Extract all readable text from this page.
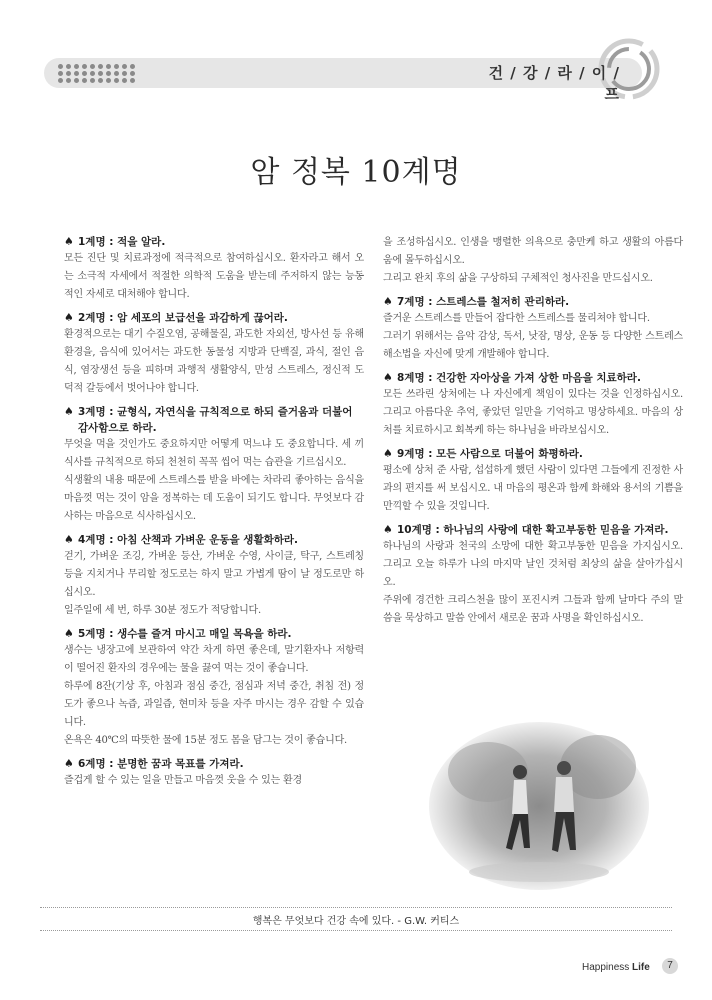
건 / 강 / 라 / 이 / 프
암 정복 10계명
♠ 1계명 : 적을 알라.
모든 진단 및 치료과정에 적극적으로 참여하십시오. 환자라고 해서 오는 소극적 자세에서 적절한 의학적 도움을 받는데 주저하지 않는 능동적인 자세로 대처해야 합니다.
♠ 2계명 : 암 세포의 보급선을 과감하게 끊어라.
환경적으로는 대기 수질오염, 공해물질, 과도한 자외선, 방사선 등 유해 환경을, 음식에 있어서는 과도한 동물성 지방과 단백질, 과식, 절인 음식, 염장생선 등을 피하며 과행적 생활양식, 만성 스트레스, 정신적 도덕적 갈등에서 벗어나야 합니다.
♠ 3계명 : 균형식, 자연식을 규칙적으로 하되 즐거움과 더불어 감사함으로 하라.
무엇을 먹을 것인가도 중요하지만 어떻게 먹느냐 도 중요합니다. 세 끼 식사를 규칙적으로 하되 천천히 꼭꼭 씹어 먹는 습관을 기르십시오.
식생활의 내용 때문에 스트레스를 받을 바에는 차라리 좋아하는 음식을 마음껏 먹는 것이 암을 정복하는 데 도움이 되기도 합니다. 무엇보다 감사하는 마음으로 식사하십시오.
♠ 4계명 : 아침 산책과 가벼운 운동을 생활화하라.
걷기, 가벼운 조깅, 가벼운 등산, 가벼운 수영, 사이클, 탁구, 스트레칭 등을 지치거나 무리할 정도로는 하지 말고 가볍게 땀이 날 정도로만 하십시오.
일주일에 세 번, 하루 30분 정도가 적당합니다.
♠ 5계명 : 생수를 즐겨 마시고 매일 목욕을 하라.
생수는 냉장고에 보관하여 약간 차게 하면 좋은데, 말기환자나 저항력이 떨어진 환자의 경우에는 물을 끓여 먹는 것이 좋습니다.
하루에 8잔(기상 후, 아침과 점심 중간, 점심과 저녁 중간, 취침 전) 정도가 좋으나 녹즙, 과일즙, 현미차 등을 자주 마시는 경우 감할 수 있습니다.
온욕은 40℃의 따뜻한 물에 15분 정도 몸을 담그는 것이 좋습니다.
♠ 6계명 : 분명한 꿈과 목표를 가져라.
즐겁게 할 수 있는 일을 만들고 마음껏 웃을 수 있는 환경
을 조성하십시오. 인생을 맹렬한 의욕으로 충만케 하고 생활의 아름다움에 몰두하십시오.
그리고 완치 후의 삶을 구상하되 구체적인 청사진을 만드십시오.
♠ 7계명 : 스트레스를 철저히 관리하라.
즐거운 스트레스를 만들어 잡다한 스트레스를 물리쳐야 합니다.
그러기 위해서는 음악 감상, 독서, 낫잠, 명상, 운동 등 다양한 스트레스 해소법을 자신에 맞게 개발해야 합니다.
♠ 8계명 : 건강한 자아상을 가져 상한 마음을 치료하라.
모든 쓰라린 상처에는 나 자신에게 책임이 있다는 것을 인정하십시오. 그리고 아름다운 추억, 좋았던 일만을 기억하고 명상하세요. 마음의 상처를 치료하시고 회복케 하는 하나님을 바라보십시오.
♠ 9계명 : 모든 사람으로 더불어 화평하라.
평소에 상처 준 사람, 섭섭하게 했던 사람이 있다면 그들에게 진정한 사과의 편지를 써 보십시오. 내 마음의 평온과 함께 화해와 용서의 기쁨을 만끽할 수 있을 것입니다.
♠ 10계명 : 하나님의 사랑에 대한 확고부동한 믿음을 가져라.
하나님의 사랑과 천국의 소망에 대한 확고부동한 믿음을 가지십시오. 그리고 오늘 하루가 나의 마지막 날인 것처럼 최상의 삶을 살아가십시오.
주위에 경건한 크리스천을 많이 포진시켜 그들과 함께 날마다 주의 말씀을 묵상하고 말씀 안에서 새로운 꿈과 사명을 확인하십시오.
행복은 무엇보다 건강 속에 있다. - G.W. 커티스
Happiness Life	7
